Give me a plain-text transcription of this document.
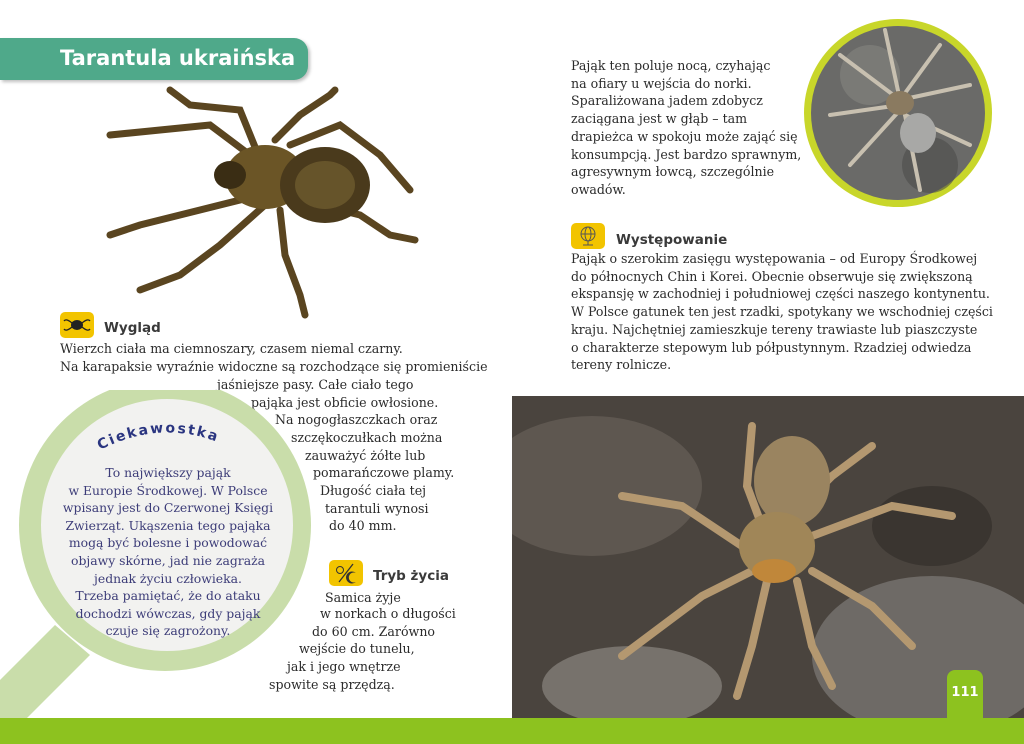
Tarantula ukraińska
Wygląd
Wierzch ciała ma ciemnoszary, czasem niemal czarny.
Na karapaksie wyraźnie widoczne są rozchodzące się promieniście
jaśniejsze pasy. Całe ciało tego
pająka jest obficie owłosione.
Na nogogłaszczkach oraz
szczękoczułkach można
zauważyć żółte lub
pomarańczowe plamy.
Długość ciała tej
tarantuli wynosi
do 40 mm.
Ciekawostka
To największy pająk
w Europie Środkowej. W Polsce
wpisany jest do Czerwonej Księgi
Zwierząt. Ukąszenia tego pająka
mogą być bolesne i powodować
objawy skórne, jad nie zagraża
jednak życiu człowieka.
Trzeba pamiętać, że do ataku
dochodzi wówczas, gdy pająk
czuje się zagrożony.
Tryb życia
Samica żyje
w norkach o długości
do 60 cm. Zarówno
wejście do tunelu,
jak i jego wnętrze
spowite są przędzą.
Pająk ten poluje nocą, czyhając
na ofiary u wejścia do norki.
Sparaliżowana jadem zdobycz
zaciągana jest w głąb – tam
drapieżca w spokoju może zająć się
konsumpcją. Jest bardzo sprawnym,
agresywnym łowcą, szczególnie
owadów.
Występowanie
Pająk o szerokim zasięgu występowania – od Europy Środkowej
do północnych Chin i Korei. Obecnie obserwuje się zwiększoną
ekspansję w zachodniej i południowej części naszego kontynentu.
W Polsce gatunek ten jest rzadki, spotykany we wschodniej części
kraju. Najchętniej zamieszkuje tereny trawiaste lub piaszczyste
o charakterze stepowym lub półpustynnym. Rzadziej odwiedza
tereny rolnicze.
111
